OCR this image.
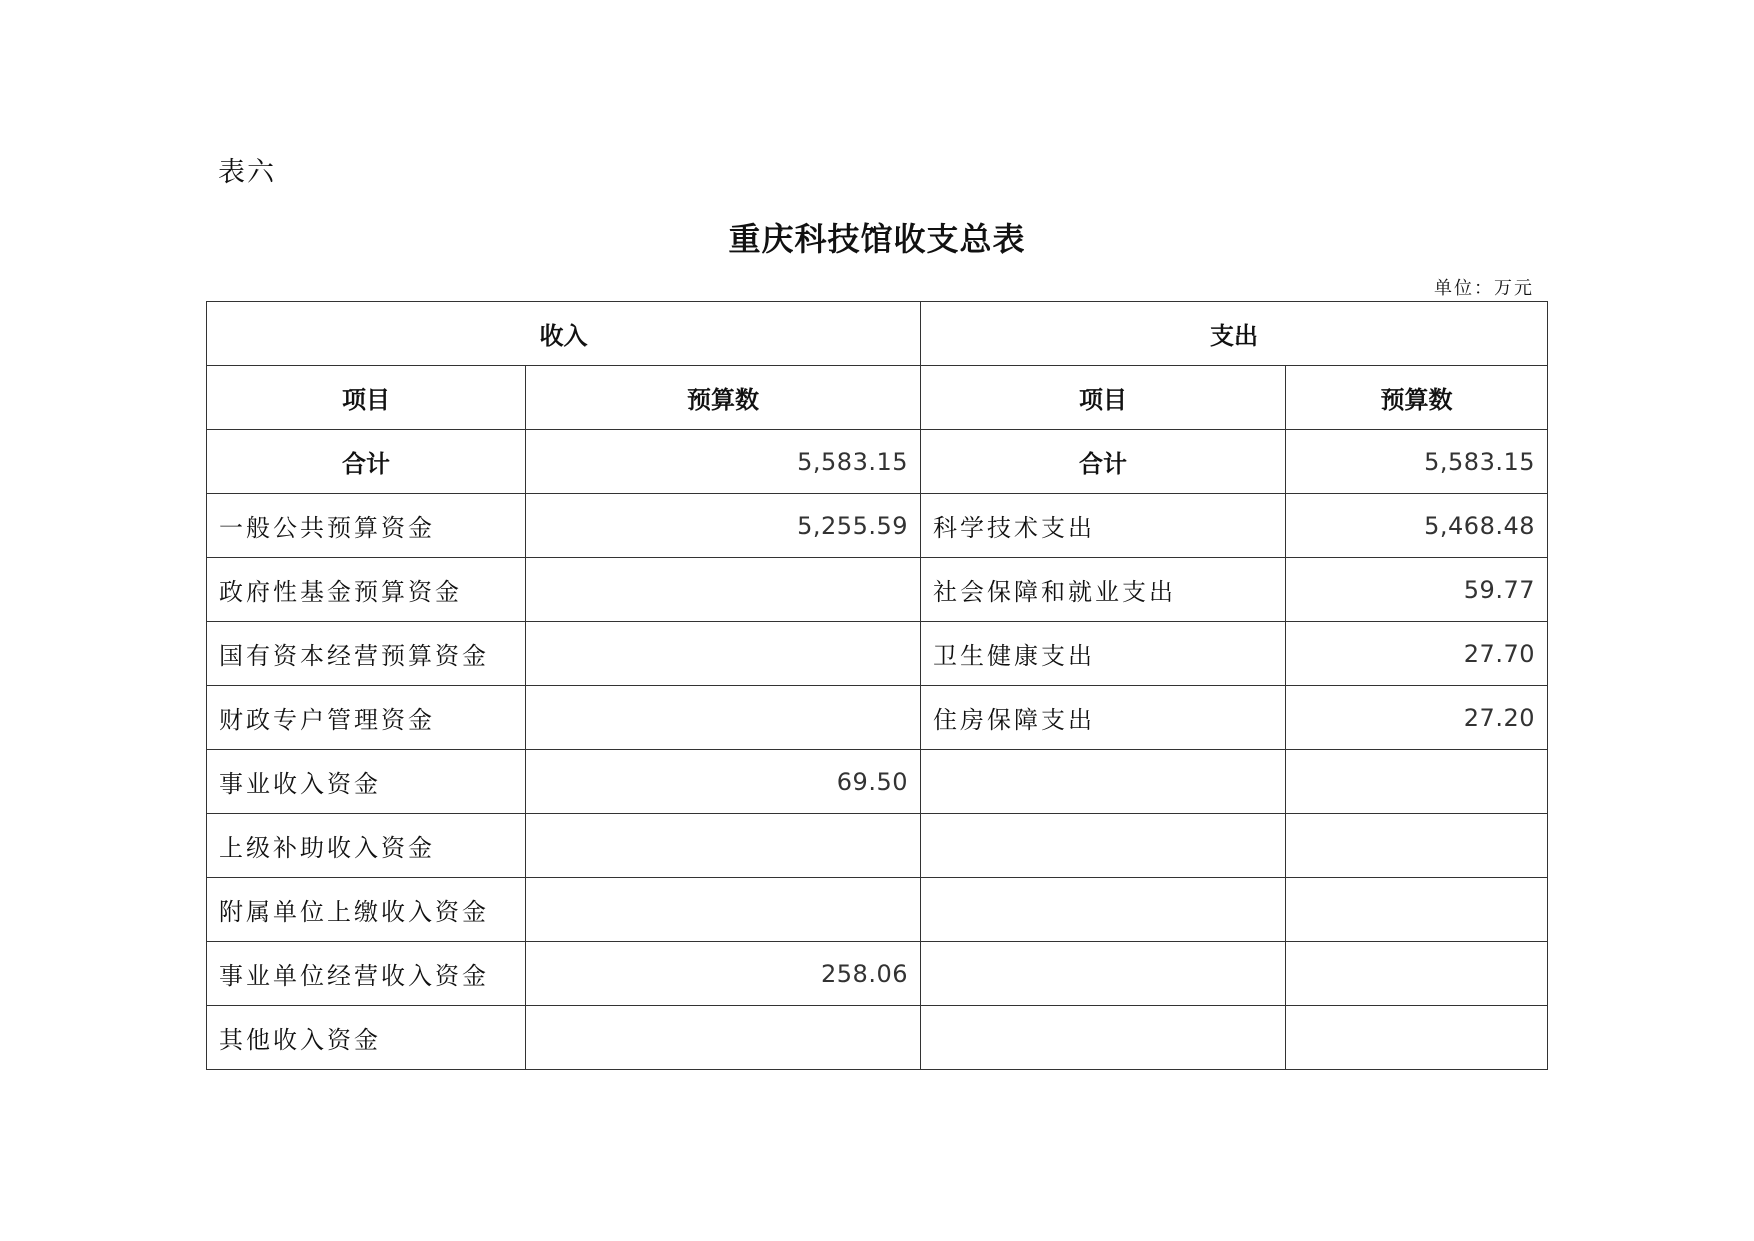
表六
重庆科技馆收支总表
单位：万元
收入		支出	
项目	预算数	项目	预算数
合计	5,583.15	合计	5,583.15
一般公共预算资金	5,255.59	科学技术支出	5,468.48
政府性基金预算资金		社会保障和就业支出	59.77
国有资本经营预算资金		卫生健康支出	27.70
财政专户管理资金		住房保障支出	27.20
事业收入资金	69.50		
上级补助收入资金			
附属单位上缴收入资金			
事业单位经营收入资金	258.06		
其他收入资金			
